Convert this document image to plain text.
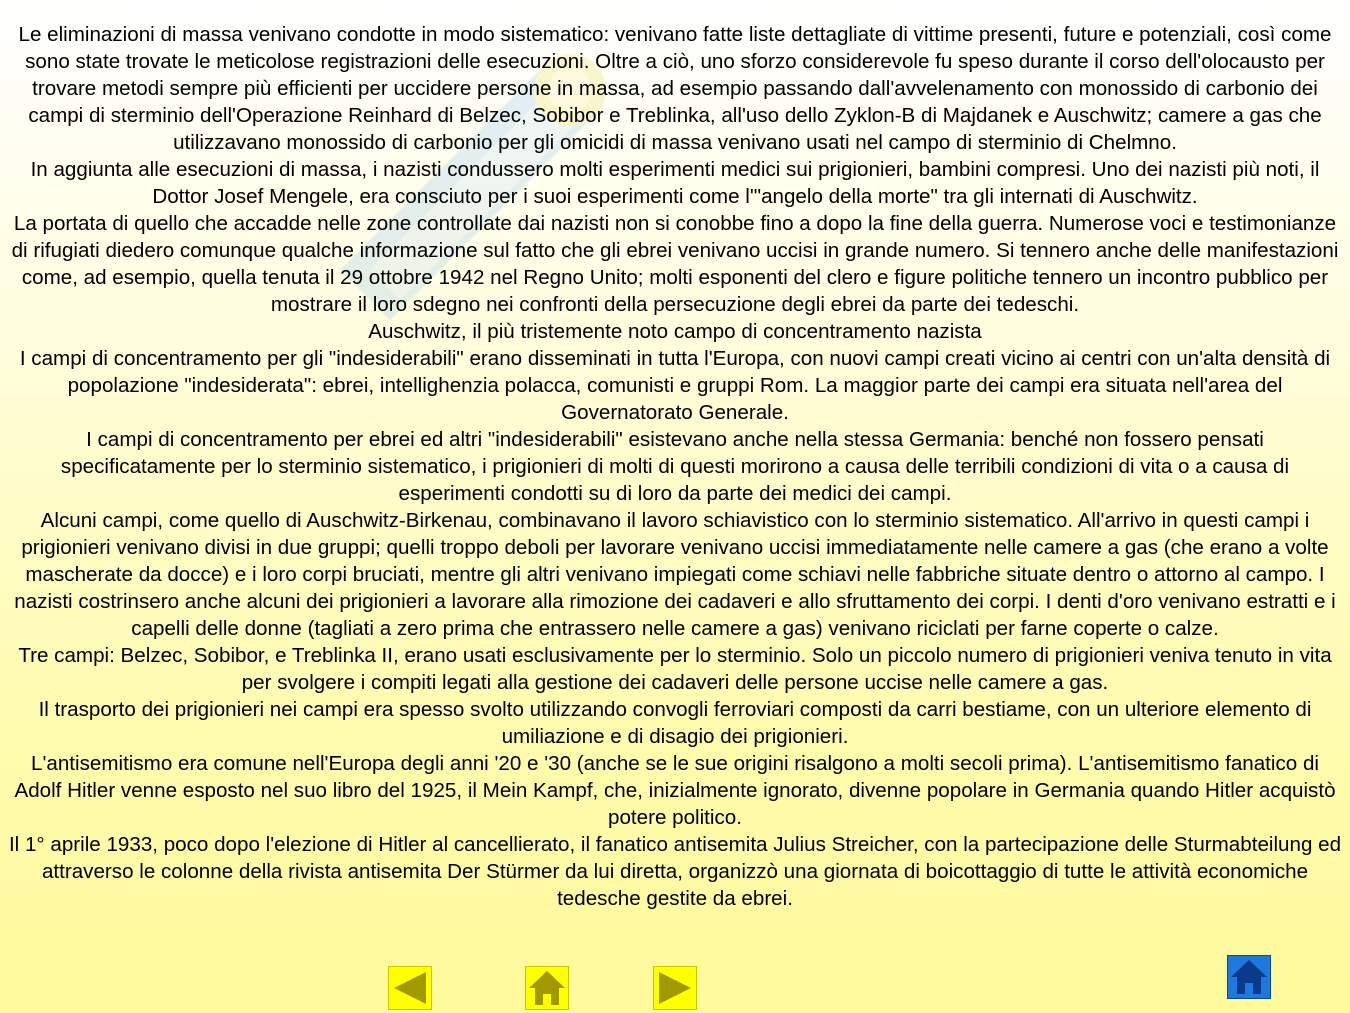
Le eliminazioni di massa venivano condotte in modo sistematico: venivano fatte liste dettagliate di vittime presenti, future e potenziali, così come sono state trovate le meticolose registrazioni delle esecuzioni. Oltre a ciò, uno sforzo considerevole fu speso durante il corso dell'olocausto per trovare metodi sempre più efficienti per uccidere persone in massa, ad esempio passando dall'avvelenamento con monossido di carbonio dei campi di sterminio dell'Operazione Reinhard di Belzec, Sobibor e Treblinka, all'uso dello Zyklon-B di Majdanek e Auschwitz; camere a gas che utilizzavano monossido di carbonio per gli omicidi di massa venivano usati nel campo di sterminio di Chelmno.

In aggiunta alle esecuzioni di massa, i nazisti condussero molti esperimenti medici sui prigionieri, bambini compresi. Uno dei nazisti più noti, il Dottor Josef Mengele, era consciuto per i suoi esperimenti come l'"angelo della morte" tra gli internati di Auschwitz.

La portata di quello che accadde nelle zone controllate dai nazisti non si conobbe fino a dopo la fine della guerra. Numerose voci e testimonianze di rifugiati diedero comunque qualche informazione sul fatto che gli ebrei venivano uccisi in grande numero. Si tennero anche delle manifestazioni come, ad esempio, quella tenuta il 29 ottobre 1942 nel Regno Unito; molti esponenti del clero e figure politiche tennero un incontro pubblico per mostrare il loro sdegno nei confronti della persecuzione degli ebrei da parte dei tedeschi.

Auschwitz, il più tristemente noto campo di concentramento nazista

I campi di concentramento per gli "indesiderabili" erano disseminati in tutta l'Europa, con nuovi campi creati vicino ai centri con un'alta densità di popolazione "indesiderata": ebrei, intellighenzia polacca, comunisti e gruppi Rom. La maggior parte dei campi era situata nell'area del Governatorato Generale.

I campi di concentramento per ebrei ed altri "indesiderabili" esistevano anche nella stessa Germania: benché non fossero pensati specificatamente per lo sterminio sistematico, i prigionieri di molti di questi morirono a causa delle terribili condizioni di vita o a causa di esperimenti condotti su di loro da parte dei medici dei campi.

Alcuni campi, come quello di Auschwitz-Birkenau, combinavano il lavoro schiavistico con lo sterminio sistematico. All'arrivo in questi campi i prigionieri venivano divisi in due gruppi; quelli troppo deboli per lavorare venivano uccisi immediatamente nelle camere a gas (che erano a volte mascherate da docce) e i loro corpi bruciati, mentre gli altri venivano impiegati come schiavi nelle fabbriche situate dentro o attorno al campo. I nazisti costrinsero anche alcuni dei prigionieri a lavorare alla rimozione dei cadaveri e allo sfruttamento dei corpi. I denti d'oro venivano estratti e i capelli delle donne (tagliati a zero prima che entrassero nelle camere a gas) venivano riciclati per farne coperte o calze.

Tre campi: Belzec, Sobibor, e Treblinka II, erano usati esclusivamente per lo sterminio. Solo un piccolo numero di prigionieri veniva tenuto in vita per svolgere i compiti legati alla gestione dei cadaveri delle persone uccise nelle camere a gas.

Il trasporto dei prigionieri nei campi era spesso svolto utilizzando convogli ferroviari composti da carri bestiame, con un ulteriore elemento di umiliazione e di disagio dei prigionieri.

L'antisemitismo era comune nell'Europa degli anni '20 e '30 (anche se le sue origini risalgono a molti secoli prima). L'antisemitismo fanatico di Adolf Hitler venne esposto nel suo libro del 1925, il Mein Kampf, che, inizialmente ignorato, divenne popolare in Germania quando Hitler acquistò potere politico.

Il 1° aprile 1933, poco dopo l'elezione di Hitler al cancellierato, il fanatico antisemita Julius Streicher, con la partecipazione delle Sturmabteilung ed attraverso le colonne della rivista antisemita Der Stürmer da lui diretta, organizzò una giornata di boicottaggio di tutte le attività economiche tedesche gestite da ebrei.
